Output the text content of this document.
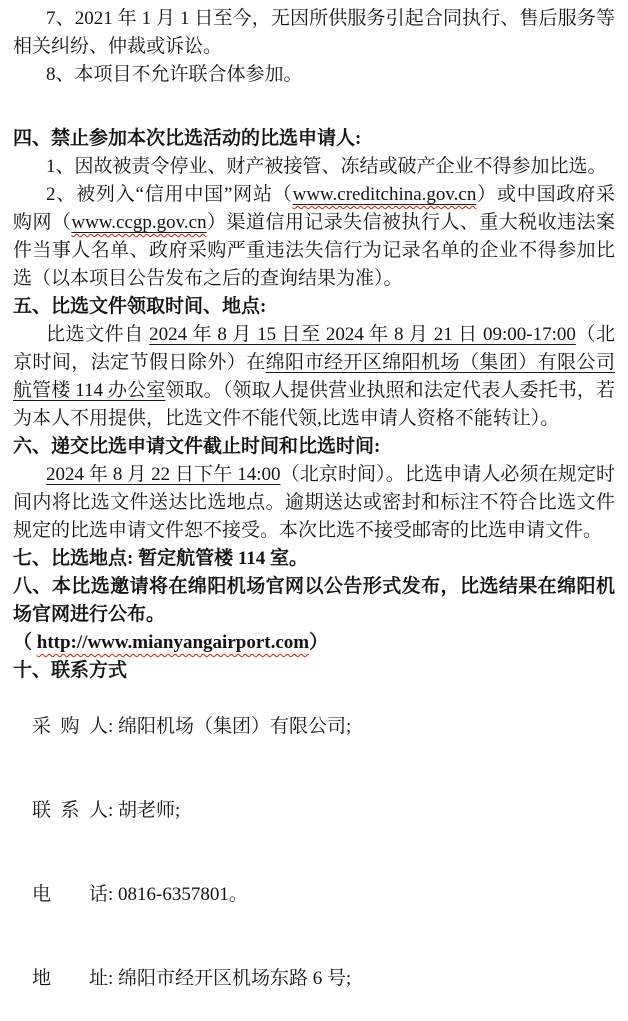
7、2021 年 1 月 1 日至今，无因所供服务引起合同执行、售后服务等相关纠纷、仲裁或诉讼。

8、本项目不允许联合体参加。

四、禁止参加本次比选活动的比选申请人:

1、因故被责令停业、财产被接管、冻结或破产企业不得参加比选。

2、被列入“信用中国”网站（www.creditchina.gov.cn）或中国政府采购网（www.ccgp.gov.cn）渠道信用记录失信被执行人、重大税收违法案件当事人名单、政府采购严重违法失信行为记录名单的企业不得参加比选（以本项目公告发布之后的查询结果为准）。

五、比选文件领取时间、地点:

比选文件自 2024 年 8 月 15 日至 2024 年 8 月 21 日 09:00-17:00（北京时间，法定节假日除外）在绵阳市经开区绵阳机场（集团）有限公司航管楼 114 办公室领取。（领取人提供营业执照和法定代表人委托书，若为本人不用提供，比选文件不能代领,比选申请人资格不能转让）。

六、递交比选申请文件截止时间和比选时间:

2024 年 8 月 22 日下午 14:00（北京时间）。比选申请人必须在规定时间内将比选文件送达比选地点。逾期送达或密封和标注不符合比选文件规定的比选申请文件恕不接受。本次比选不接受邮寄的比选申请文件。

七、比选地点: 暂定航管楼 114 室。

八、本比选邀请将在绵阳机场官网以公告形式发布，比选结果在绵阳机场官网进行公布。

（ http://www.mianyangairport.com）

十、联系方式

采  购  人: 绵阳机场（集团）有限公司;

联  系  人: 胡老师;

电        话: 0816-6357801。

地        址: 绵阳市经开区机场东路 6 号;
